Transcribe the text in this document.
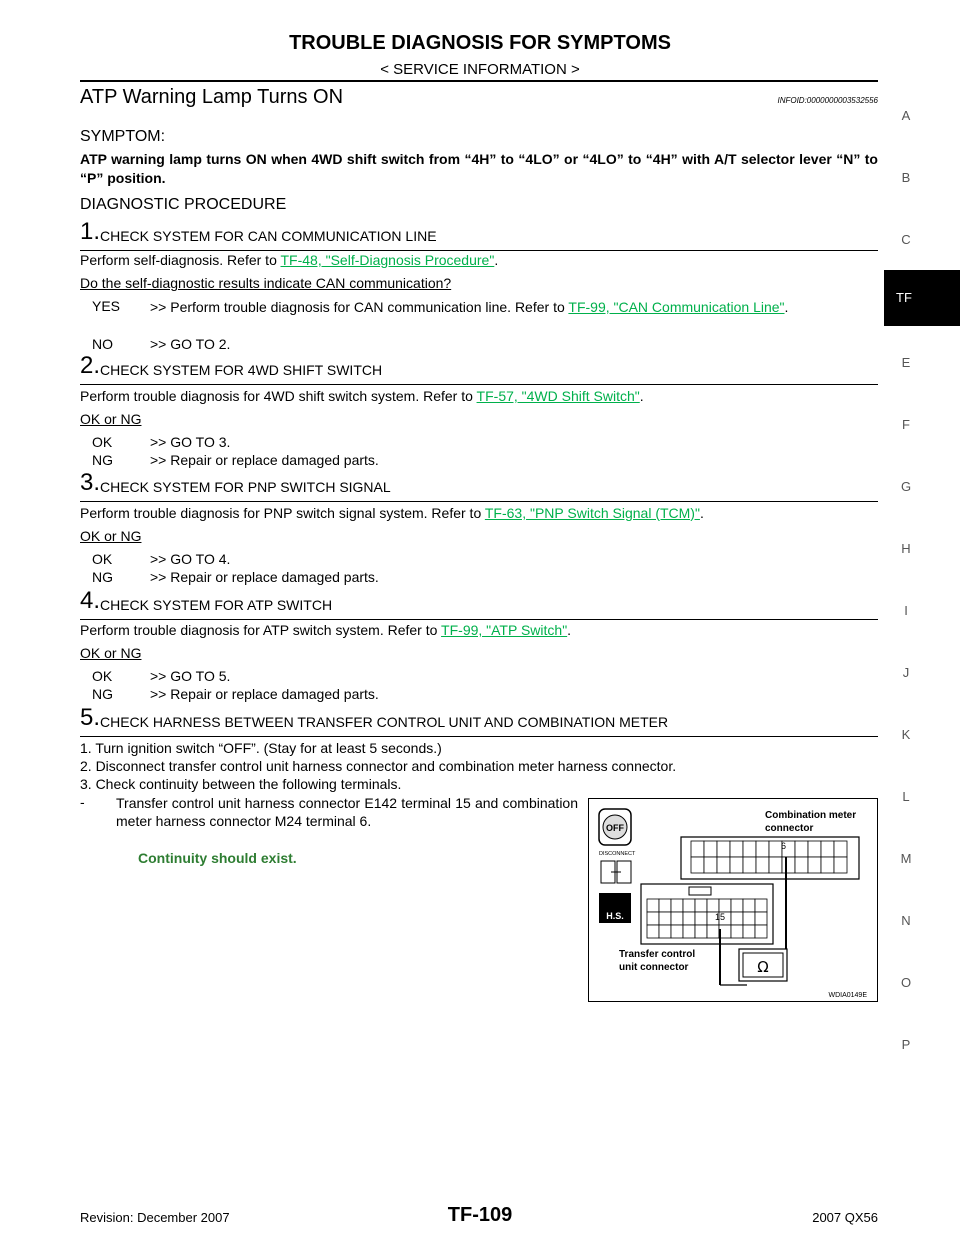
TROUBLE DIAGNOSIS FOR SYMPTOMS
< SERVICE INFORMATION >
ATP Warning Lamp Turns ON	INFOID:0000000003532556
SYMPTOM:
ATP warning lamp turns ON when 4WD shift switch from “4H” to “4LO” or “4LO” to “4H” with A/T selector lever “N” to “P” position.
DIAGNOSTIC PROCEDURE
1. CHECK SYSTEM FOR CAN COMMUNICATION LINE
Perform self-diagnosis. Refer to TF-48, "Self-Diagnosis Procedure".
Do the self-diagnostic results indicate CAN communication?
YES >> Perform trouble diagnosis for CAN communication line. Refer to TF-99, "CAN Communication Line".
NO	>> GO TO 2.
2. CHECK SYSTEM FOR 4WD SHIFT SWITCH
Perform trouble diagnosis for 4WD shift switch system. Refer to TF-57, "4WD Shift Switch".
OK or NG
OK	>> GO TO 3.
NG	>> Repair or replace damaged parts.
3. CHECK SYSTEM FOR PNP SWITCH SIGNAL
Perform trouble diagnosis for PNP switch signal system. Refer to TF-63, "PNP Switch Signal (TCM)".
OK or NG
OK	>> GO TO 4.
NG	>> Repair or replace damaged parts.
4. CHECK SYSTEM FOR ATP SWITCH
Perform trouble diagnosis for ATP switch system. Refer to TF-99, "ATP Switch".
OK or NG
OK	>> GO TO 5.
NG	>> Repair or replace damaged parts.
5. CHECK HARNESS BETWEEN TRANSFER CONTROL UNIT AND COMBINATION METER
1. Turn ignition switch “OFF”. (Stay for at least 5 seconds.)
2. Disconnect transfer control unit harness connector and combination meter harness connector.
3. Check continuity between the following terminals.
- Transfer control unit harness connector E142 terminal 15 and combination meter harness connector M24 terminal 6.
Continuity should exist.
OFF
DISCONNECT
H.S.
Combination meter
connector
6
15
Transfer control
unit connector	Ω
WDIA0149E
A
B
C
TF
E
F
G
H
I
J
K
L
M
N
O
P
Revision: December 2007	TF-109	2007 QX56
